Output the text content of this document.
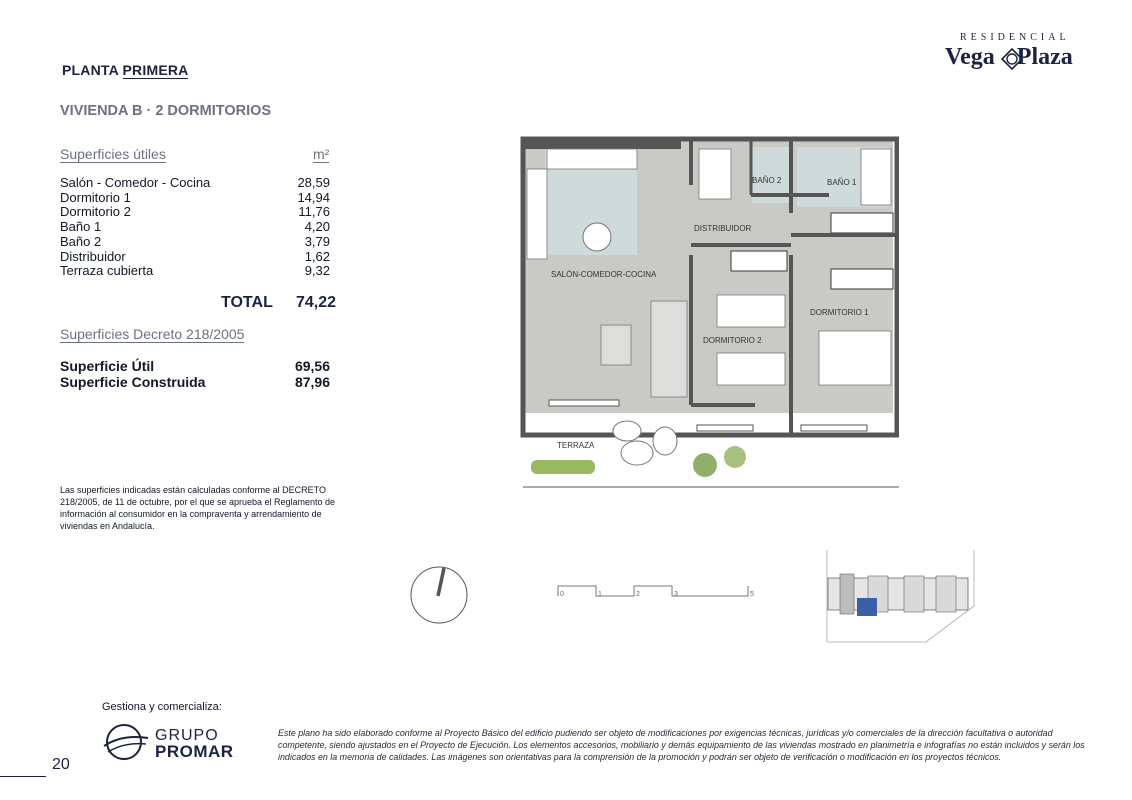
PLANTA PRIMERA
VIVIENDA B · 2 DORMITORIOS
RESIDENCIAL
Vega Plaza
Superficies útiles	m²
Salón - Comedor - Cocina	28,59
Dormitorio 1	14,94
Dormitorio 2	11,76
Baño 1	4,20
Baño 2	3,79
Distribuidor	1,62
Terraza cubierta	9,32
TOTAL 74,22
Superficies Decreto 218/2005
Superficie Útil	69,56
Superficie Construida	87,96
Las superficies indicadas están calculadas conforme al DECRETO 218/2005, de 11 de octubre, por el que se aprueba el Reglamento de información al consumidor en la compraventa y arrendamiento de viviendas en Andalucía.
BAÑO 2	BAÑO 1
DISTRIBUIDOR
SALÓN-COMEDOR-COCINA
DORMITORIO 1
DORMITORIO 2
TERRAZA
0	1	2	3	5
Gestiona y comercializa:
GRUPO
PROMAR
20
Este plano ha sido elaborado conforme al Proyecto Básico del edificio pudiendo ser objeto de modificaciones por exigencias técnicas, jurídicas y/o comerciales de la dirección facultativa o autoridad competente, siendo ajustados en el Proyecto de Ejecución. Los elementos accesorios, mobiliario y demás equipamiento de las viviendas mostrado en planimetría e infografías no están incluidos y serán los indicados en la memoria de calidades. Las imágenes son orientativas para la comprensión de la promoción y podrán ser objeto de verificación o modificación en los proyectos técnicos.
